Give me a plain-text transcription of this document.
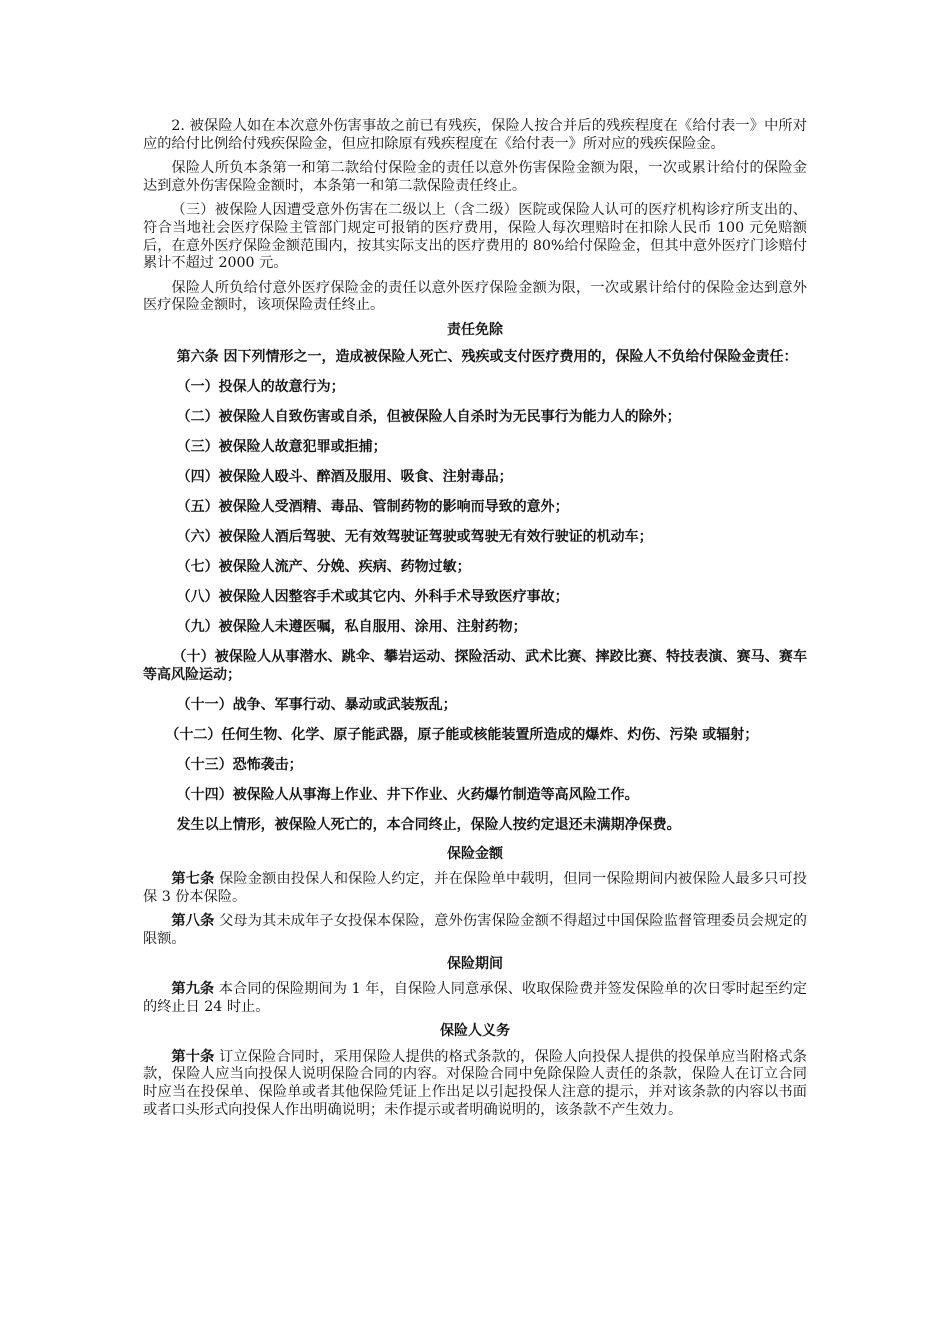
2. 被保险人如在本次意外伤害事故之前已有残疾，保险人按合并后的残疾程度在《给付表一》中所对应的给付比例给付残疾保险金，但应扣除原有残疾程度在《给付表一》所对应的残疾保险金。

保险人所负本条第一和第二款给付保险金的责任以意外伤害保险金额为限，一次或累计给付的保险金达到意外伤害保险金额时，本条第一和第二款保险责任终止。

（三）被保险人因遭受意外伤害在二级以上（含二级）医院或保险人认可的医疗机构诊疗所支出的、符合当地社会医疗保险主管部门规定可报销的医疗费用，保险人每次理赔时在扣除人民币 100 元免赔额后，在意外医疗保险金额范围内，按其实际支出的医疗费用的 80%给付保险金，但其中意外医疗门诊赔付累计不超过 2000 元。

保险人所负给付意外医疗保险金的责任以意外医疗保险金额为限，一次或累计给付的保险金达到意外医疗保险金额时，该项保险责任终止。

责任免除

第六条 因下列情形之一，造成被保险人死亡、残疾或支付医疗费用的，保险人不负给付保险金责任：

（一）投保人的故意行为；

（二）被保险人自致伤害或自杀，但被保险人自杀时为无民事行为能力人的除外；

（三）被保险人故意犯罪或拒捕；

（四）被保险人殴斗、醉酒及服用、吸食、注射毒品；

（五）被保险人受酒精、毒品、管制药物的影响而导致的意外；

（六）被保险人酒后驾驶、无有效驾驶证驾驶或驾驶无有效行驶证的机动车；

（七）被保险人流产、分娩、疾病、药物过敏；

（八）被保险人因整容手术或其它内、外科手术导致医疗事故；

（九）被保险人未遵医嘱，私自服用、涂用、注射药物；

（十）被保险人从事潜水、跳伞、攀岩运动、探险活动、武术比赛、摔跤比赛、特技表演、赛马、赛车等高风险运动；

（十一）战争、军事行动、暴动或武装叛乱；

（十二）任何生物、化学、原子能武器，原子能或核能装置所造成的爆炸、灼伤、污染 或辐射；

（十三）恐怖袭击；

（十四）被保险人从事海上作业、井下作业、火药爆竹制造等高风险工作。

发生以上情形，被保险人死亡的，本合同终止，保险人按约定退还未满期净保费。

保险金额

第七条 保险金额由投保人和保险人约定，并在保险单中载明，但同一保险期间内被保险人最多只可投保 3 份本保险。

第八条 父母为其未成年子女投保本保险，意外伤害保险金额不得超过中国保险监督管理委员会规定的限额。

保险期间

第九条 本合同的保险期间为 1 年，自保险人同意承保、收取保险费并签发保险单的次日零时起至约定的终止日 24 时止。

保险人义务

第十条 订立保险合同时，采用保险人提供的格式条款的，保险人向投保人提供的投保单应当附格式条款，保险人应当向投保人说明保险合同的内容。对保险合同中免除保险人责任的条款，保险人在订立合同时应当在投保单、保险单或者其他保险凭证上作出足以引起投保人注意的提示，并对该条款的内容以书面或者口头形式向投保人作出明确说明；未作提示或者明确说明的，该条款不产生效力。
